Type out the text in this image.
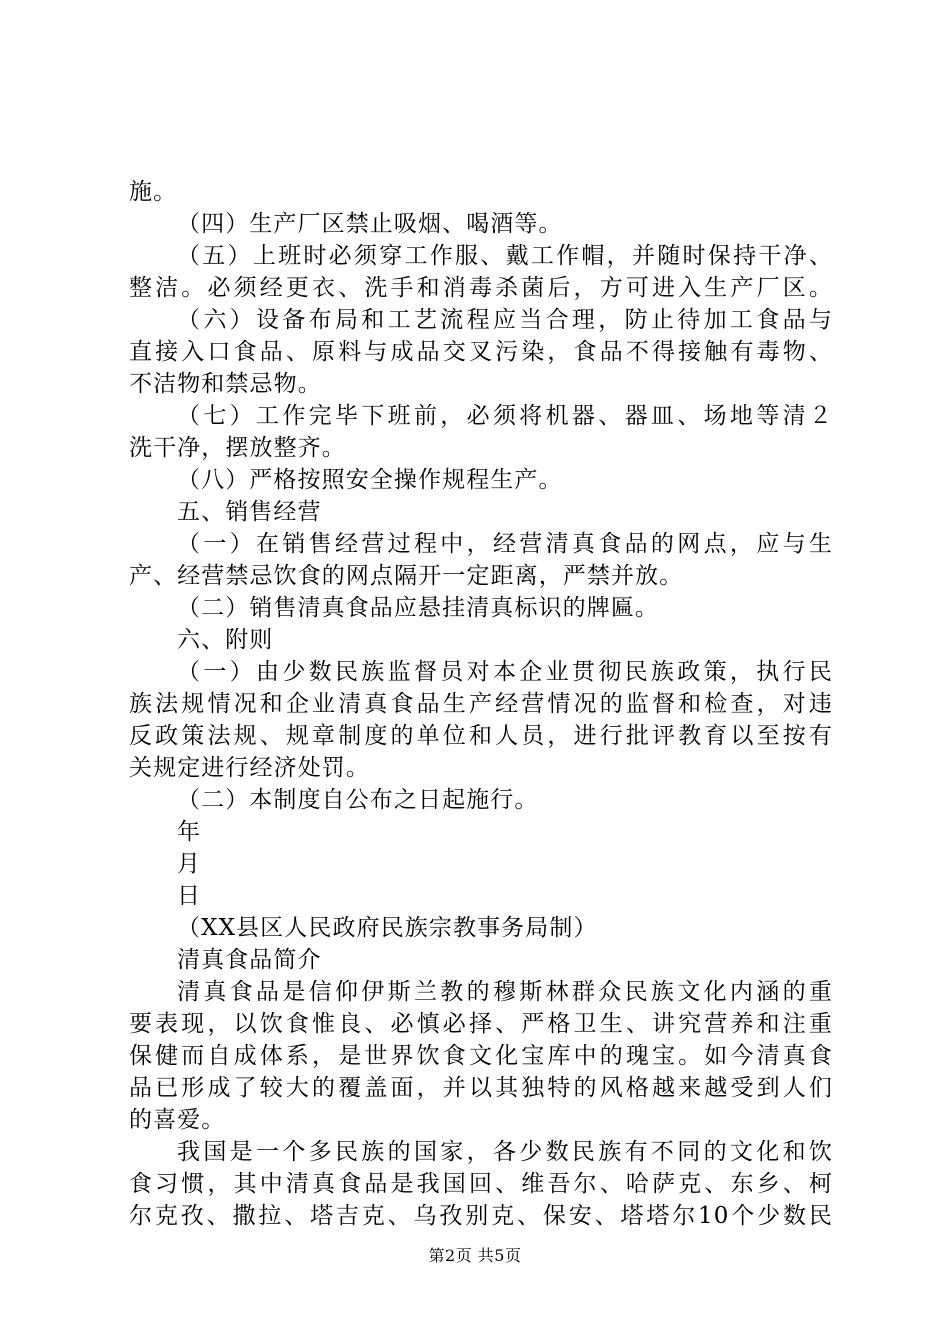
施。
（四）生产厂区禁止吸烟、喝酒等。
（五）上班时必须穿工作服、戴工作帽，并随时保持干净、
整洁。必须经更衣、洗手和消毒杀菌后，方可进入生产厂区。
（六）设备布局和工艺流程应当合理，防止待加工食品与
直接入口食品、原料与成品交叉污染，食品不得接触有毒物、
不洁物和禁忌物。
（七）工作完毕下班前，必须将机器、器皿、场地等清２
洗干净，摆放整齐。
（八）严格按照安全操作规程生产。
五、销售经营
（一）在销售经营过程中，经营清真食品的网点，应与生
产、经营禁忌饮食的网点隔开一定距离，严禁并放。
（二）销售清真食品应悬挂清真标识的牌匾。
六、附则
（一）由少数民族监督员对本企业贯彻民族政策，执行民
族法规情况和企业清真食品生产经营情况的监督和检查，对违
反政策法规、规章制度的单位和人员，进行批评教育以至按有
关规定进行经济处罚。
（二）本制度自公布之日起施行。
年
月
日
（XX县区人民政府民族宗教事务局制）
清真食品简介
清真食品是信仰伊斯兰教的穆斯林群众民族文化内涵的重
要表现，以饮食惟良、必慎必择、严格卫生、讲究营养和注重
保健而自成体系，是世界饮食文化宝库中的瑰宝。如今清真食
品已形成了较大的覆盖面，并以其独特的风格越来越受到人们
的喜爱。
我国是一个多民族的国家，各少数民族有不同的文化和饮
食习惯，其中清真食品是我国回、维吾尔、哈萨克、东乡、柯
尔克孜、撒拉、塔吉克、乌孜别克、保安、塔塔尔10个少数民
第2页 共5页
